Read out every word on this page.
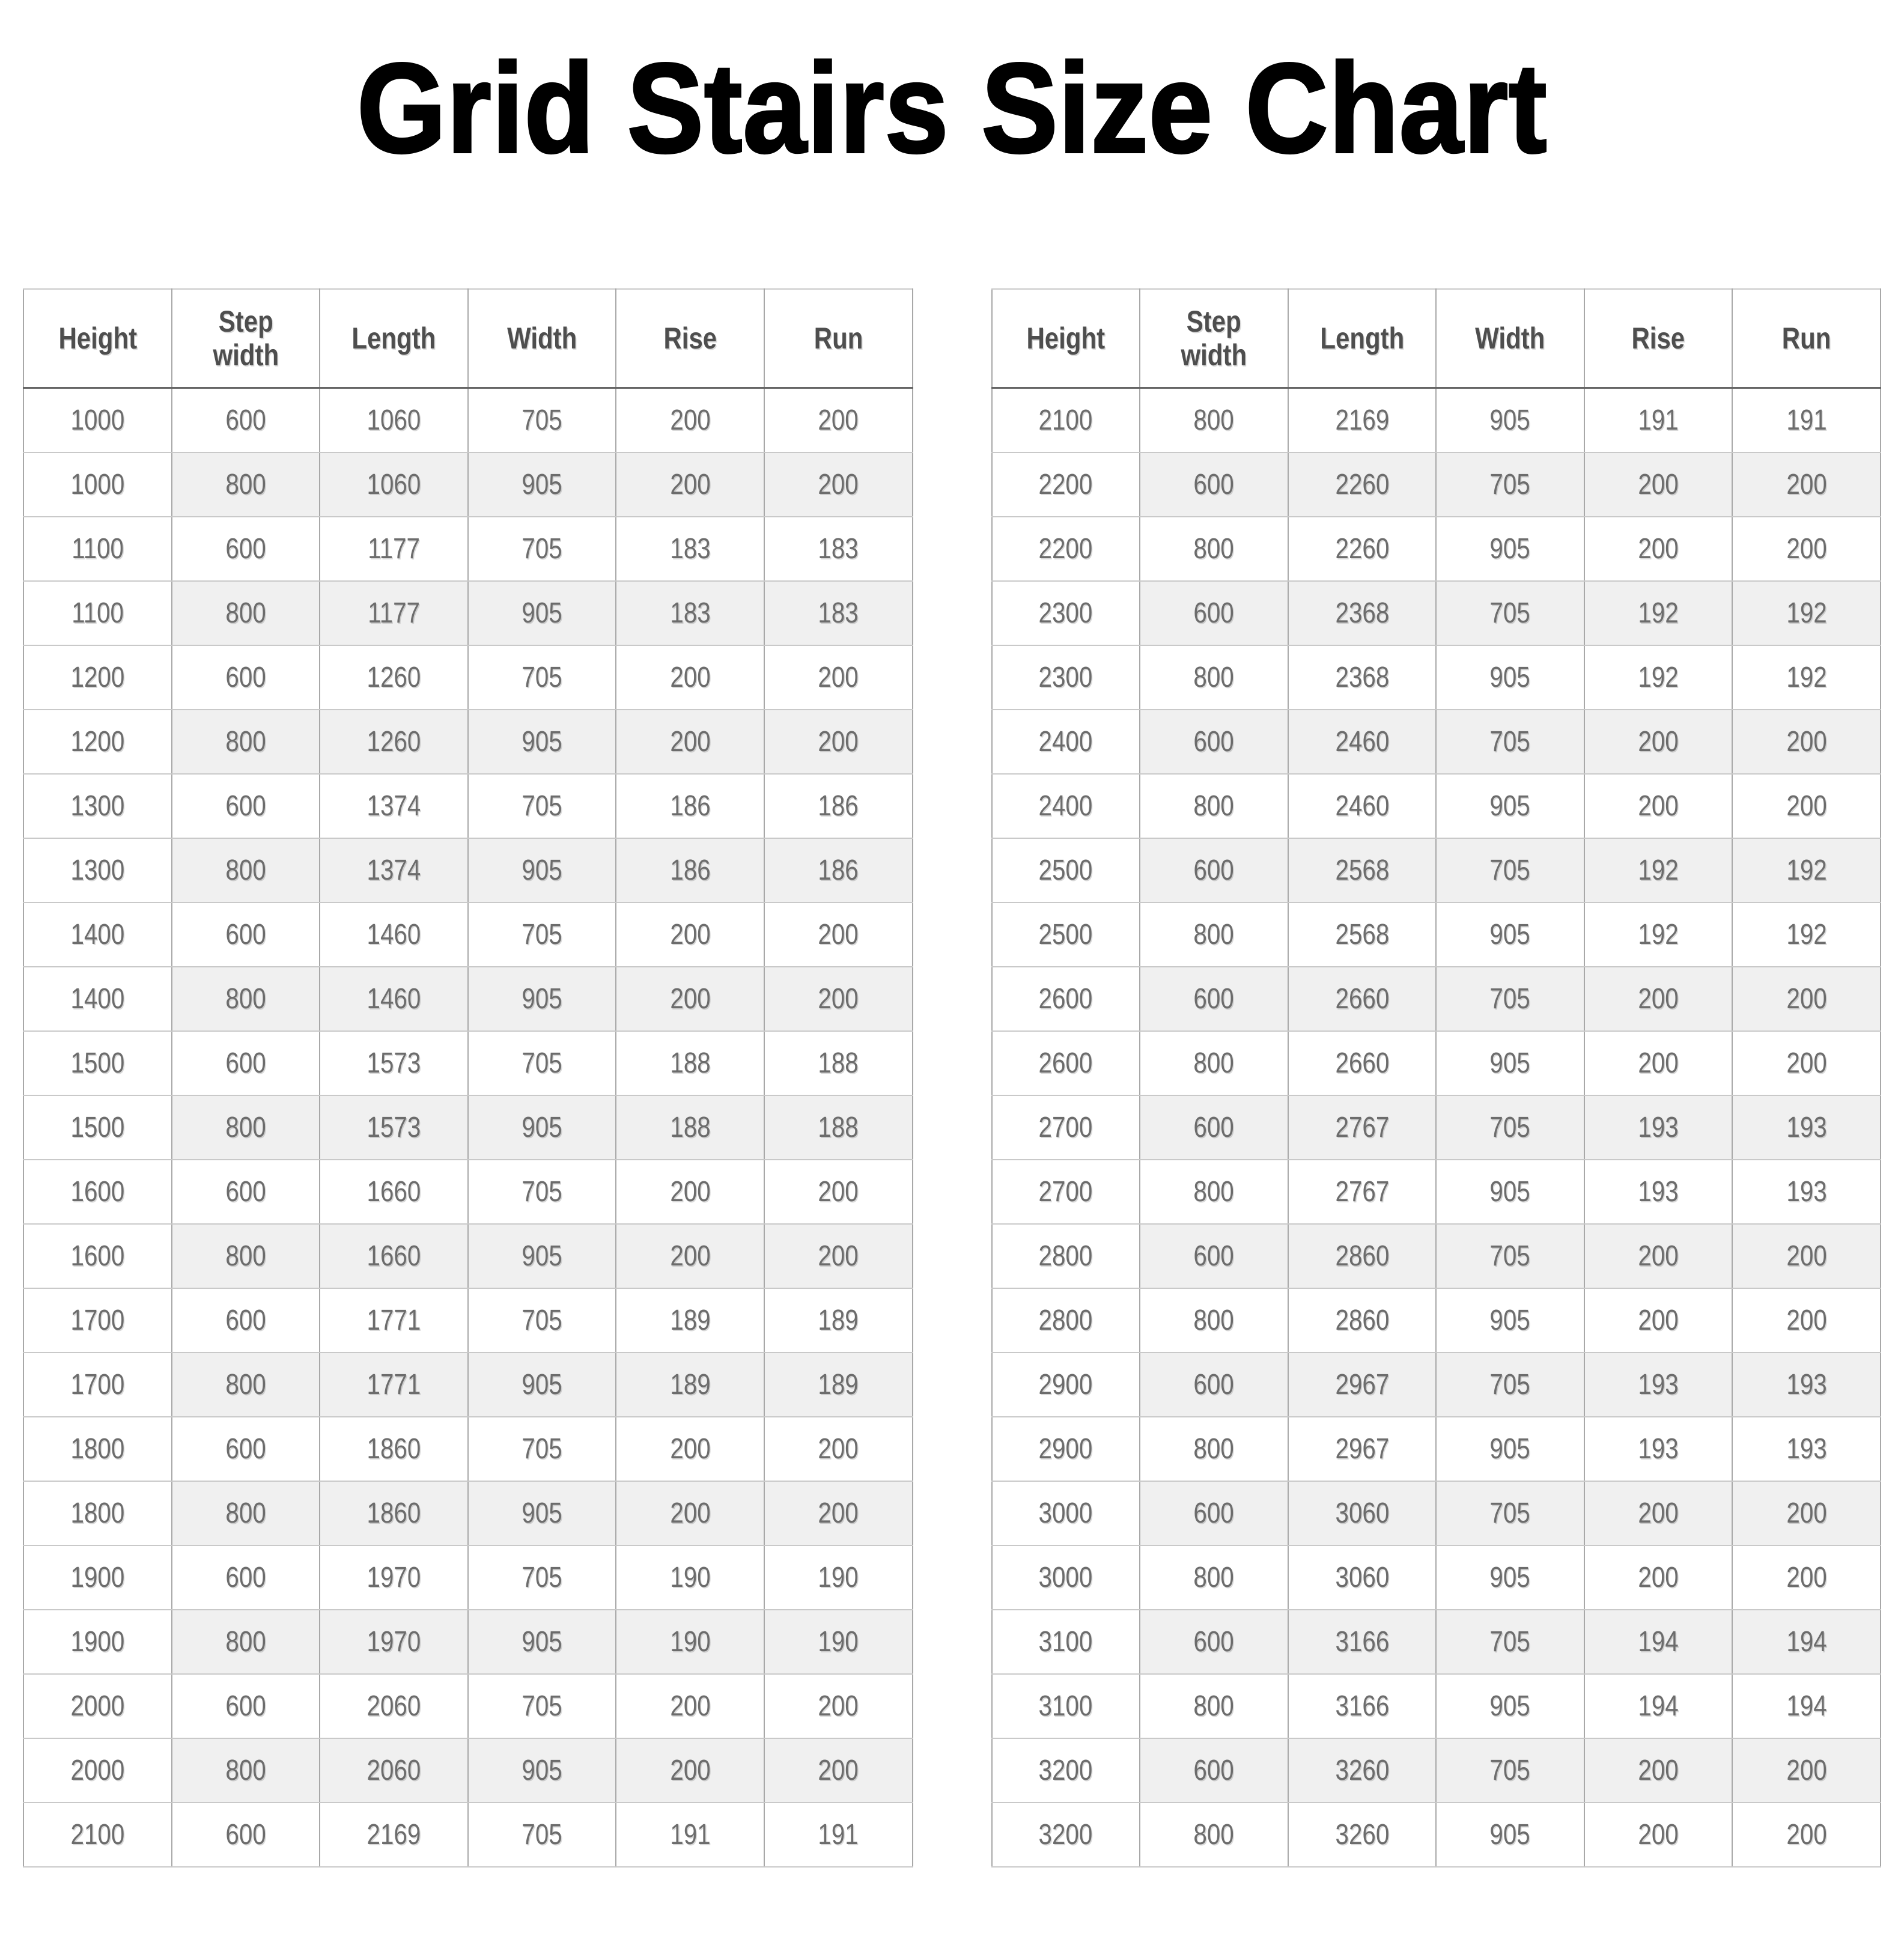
Grid Stairs Size Chart
Height	Step width	Length	Width	Rise	Run
1000	600	1060	705	200	200
1000	800	1060	905	200	200
1100	600	1177	705	183	183
1100	800	1177	905	183	183
1200	600	1260	705	200	200
1200	800	1260	905	200	200
1300	600	1374	705	186	186
1300	800	1374	905	186	186
1400	600	1460	705	200	200
1400	800	1460	905	200	200
1500	600	1573	705	188	188
1500	800	1573	905	188	188
1600	600	1660	705	200	200
1600	800	1660	905	200	200
1700	600	1771	705	189	189
1700	800	1771	905	189	189
1800	600	1860	705	200	200
1800	800	1860	905	200	200
1900	600	1970	705	190	190
1900	800	1970	905	190	190
2000	600	2060	705	200	200
2000	800	2060	905	200	200
2100	600	2169	705	191	191
Height	Step width	Length	Width	Rise	Run
2100	800	2169	905	191	191
2200	600	2260	705	200	200
2200	800	2260	905	200	200
2300	600	2368	705	192	192
2300	800	2368	905	192	192
2400	600	2460	705	200	200
2400	800	2460	905	200	200
2500	600	2568	705	192	192
2500	800	2568	905	192	192
2600	600	2660	705	200	200
2600	800	2660	905	200	200
2700	600	2767	705	193	193
2700	800	2767	905	193	193
2800	600	2860	705	200	200
2800	800	2860	905	200	200
2900	600	2967	705	193	193
2900	800	2967	905	193	193
3000	600	3060	705	200	200
3000	800	3060	905	200	200
3100	600	3166	705	194	194
3100	800	3166	905	194	194
3200	600	3260	705	200	200
3200	800	3260	905	200	200
